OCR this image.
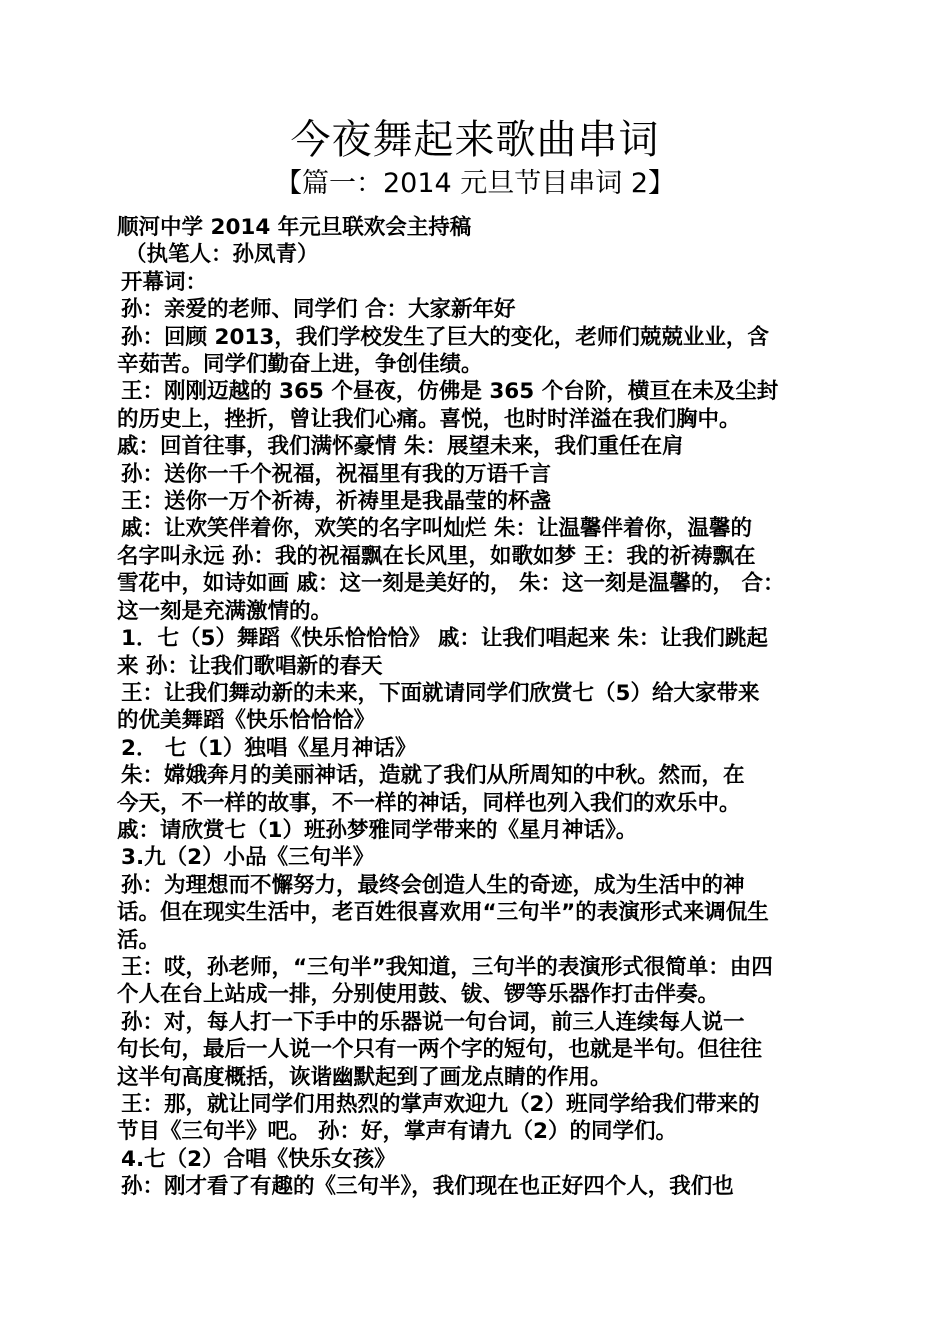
今夜舞起来歌曲串词
【篇一：2014 元旦节目串词 2】
顺河中学 2014 年元旦联欢会主持稿
（执笔人：孙凤青）
开幕词：
孙：亲爱的老师、同学们 合：大家新年好
孙：回顾 2013，我们学校发生了巨大的变化，老师们兢兢业业，含
辛茹苦。同学们勤奋上进，争创佳绩。
王：刚刚迈越的 365 个昼夜，仿佛是 365 个台阶，横亘在未及尘封
的历史上，挫折，曾让我们心痛。喜悦，也时时洋溢在我们胸中。
戚：回首往事，我们满怀豪情 朱：展望未来，我们重任在肩
孙：送你一千个祝福，祝福里有我的万语千言
王：送你一万个祈祷，祈祷里是我晶莹的杯盏
戚：让欢笑伴着你，欢笑的名字叫灿烂 朱：让温馨伴着你，温馨的
名字叫永远 孙：我的祝福飘在长风里，如歌如梦 王：我的祈祷飘在
雪花中，如诗如画 戚：这一刻是美好的， 朱：这一刻是温馨的， 合：
这一刻是充满激情的。
1．七（5）舞蹈《快乐恰恰恰》 戚：让我们唱起来 朱：让我们跳起
来 孙：让我们歌唱新的春天
王：让我们舞动新的未来，下面就请同学们欣赏七（5）给大家带来
的优美舞蹈《快乐恰恰恰》
2． 七（1）独唱《星月神话》
朱：嫦娥奔月的美丽神话，造就了我们从所周知的中秋。然而，在
今天，不一样的故事，不一样的神话，同样也列入我们的欢乐中。
戚：请欣赏七（1）班孙梦雅同学带来的《星月神话》。
3.九（2）小品《三句半》
孙：为理想而不懈努力，最终会创造人生的奇迹，成为生活中的神
话。但在现实生活中，老百姓很喜欢用“三句半”的表演形式来调侃生
活。
王：哎，孙老师，“三句半”我知道，三句半的表演形式很简单：由四
个人在台上站成一排，分别使用鼓、钹、锣等乐器作打击伴奏。
孙：对，每人打一下手中的乐器说一句台词，前三人连续每人说一
句长句，最后一人说一个只有一两个字的短句，也就是半句。但往往
这半句高度概括，诙谐幽默起到了画龙点睛的作用。
王：那，就让同学们用热烈的掌声欢迎九（2）班同学给我们带来的
节目《三句半》吧。 孙：好，掌声有请九（2）的同学们。
4.七（2）合唱《快乐女孩》
孙：刚才看了有趣的《三句半》，我们现在也正好四个人，我们也
